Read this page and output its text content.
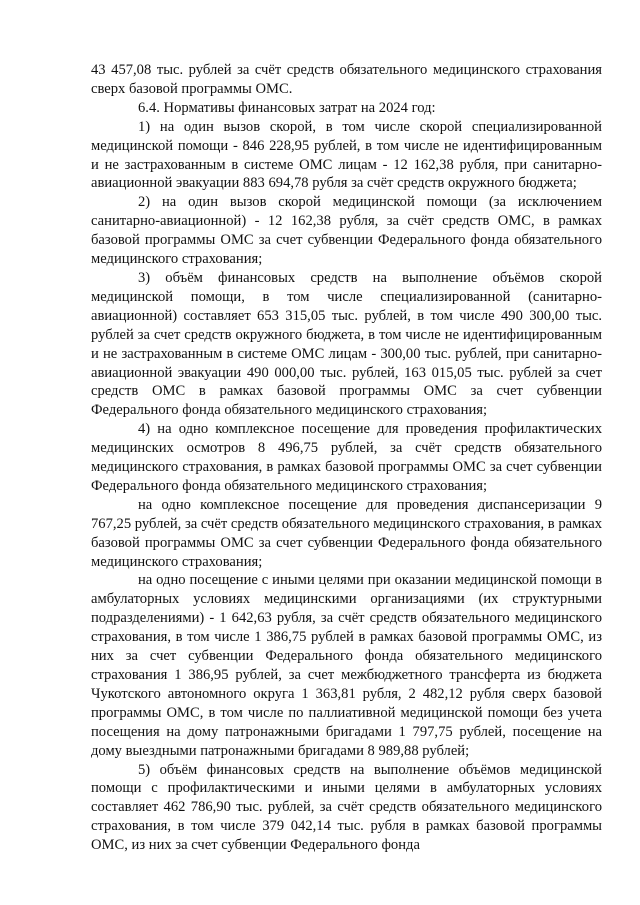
43 457,08 тыс. рублей за счёт средств обязательного медицинского страхования сверх базовой программы ОМС.

6.4. Нормативы финансовых затрат на 2024 год:

1) на один вызов скорой, в том числе скорой специализированной медицинской помощи - 846 228,95 рублей, в том числе не идентифицированным и не застрахованным в системе ОМС лицам - 12 162,38 рубля, при санитарно-авиационной эвакуации 883 694,78 рубля за счёт средств окружного бюджета;

2) на один вызов скорой медицинской помощи (за исключением санитарно-авиационной) - 12 162,38 рубля, за счёт средств ОМС, в рамках базовой программы ОМС за счет субвенции Федерального фонда обязательного медицинского страхования;

3) объём финансовых средств на выполнение объёмов скорой медицинской помощи, в том числе специализированной (санитарно-авиационной) составляет 653 315,05 тыс. рублей, в том числе 490 300,00 тыс. рублей за счет средств окружного бюджета, в том числе не идентифицированным и не застрахованным в системе ОМС лицам - 300,00 тыс. рублей, при санитарно-авиационной эвакуации 490 000,00 тыс. рублей, 163 015,05 тыс. рублей за счет средств ОМС в рамках базовой программы ОМС за счет субвенции Федерального фонда обязательного медицинского страхования;

4) на одно комплексное посещение для проведения профилактических медицинских осмотров 8 496,75 рублей, за счёт средств обязательного медицинского страхования, в рамках базовой программы ОМС за счет субвенции Федерального фонда обязательного медицинского страхования;

на одно комплексное посещение для проведения диспансеризации 9 767,25 рублей, за счёт средств обязательного медицинского страхования, в рамках базовой программы ОМС за счет субвенции Федерального фонда обязательного медицинского страхования;

на одно посещение с иными целями при оказании медицинской помощи в амбулаторных условиях медицинскими организациями (их структурными подразделениями) - 1 642,63 рубля, за счёт средств обязательного медицинского страхования, в том числе 1 386,75 рублей в рамках базовой программы ОМС, из них за счет субвенции Федерального фонда обязательного медицинского страхования 1 386,95 рублей, за счет межбюджетного трансферта из бюджета Чукотского автономного округа 1 363,81 рубля, 2 482,12 рубля сверх базовой программы ОМС, в том числе по паллиативной медицинской помощи без учета посещения на дому патронажными бригадами 1 797,75 рублей, посещение на дому выездными патронажными бригадами 8 989,88 рублей;

5) объём финансовых средств на выполнение объёмов медицинской помощи с профилактическими и иными целями в амбулаторных условиях составляет 462 786,90 тыс. рублей, за счёт средств обязательного медицинского страхования, в том числе 379 042,14 тыс. рубля в рамках базовой программы ОМС, из них за счет субвенции Федерального фонда
